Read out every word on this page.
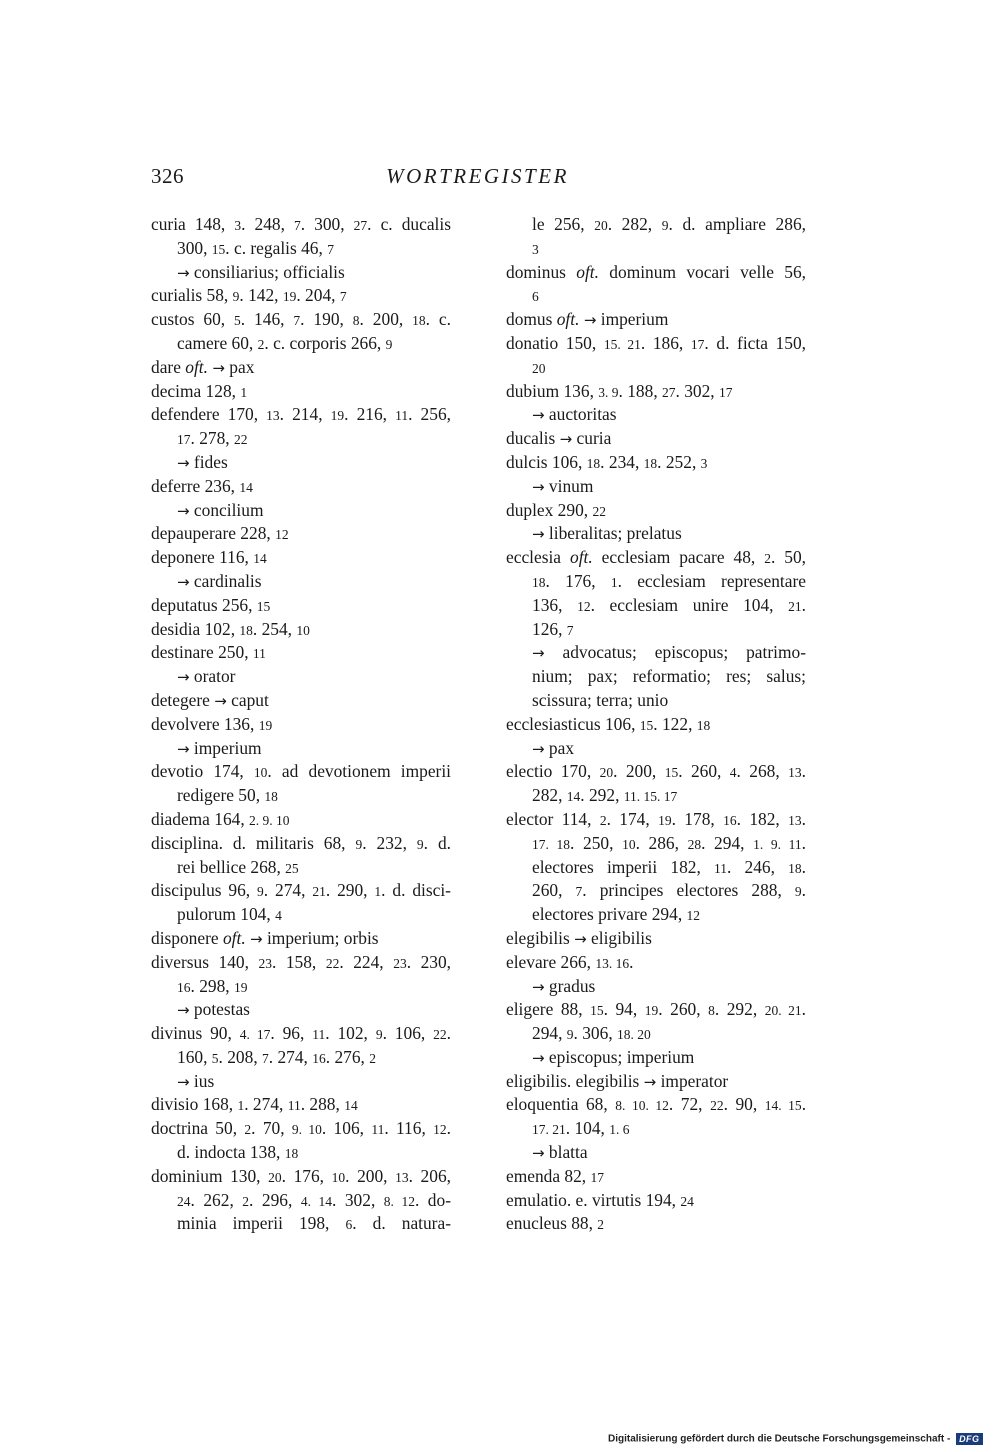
326	WORTREGISTER
curia 148, 3. 248, 7. 300, 27. c. ducalis
300, 15. c. regalis 46, 7
→ consiliarius; officialis
curialis 58, 9. 142, 19. 204, 7
custos 60, 5. 146, 7. 190, 8. 200, 18. c.
camere 60, 2. c. corporis 266, 9
dare oft. → pax
decima 128, 1
defendere 170, 13. 214, 19. 216, 11. 256,
17. 278, 22
→ fides
deferre 236, 14
→ concilium
depauperare 228, 12
deponere 116, 14
→ cardinalis
deputatus 256, 15
desidia 102, 18. 254, 10
destinare 250, 11
→ orator
detegere → caput
devolvere 136, 19
→ imperium
devotio 174, 10. ad devotionem imperii
redigere 50, 18
diadema 164, 2. 9. 10
disciplina. d. militaris 68, 9. 232, 9. d.
rei bellice 268, 25
discipulus 96, 9. 274, 21. 290, 1. d. disci-
pulorum 104, 4
disponere oft. → imperium; orbis
diversus 140, 23. 158, 22. 224, 23. 230,
16. 298, 19
→ potestas
divinus 90, 4. 17. 96, 11. 102, 9. 106, 22.
160, 5. 208, 7. 274, 16. 276, 2
→ ius
divisio 168, 1. 274, 11. 288, 14
doctrina 50, 2. 70, 9. 10. 106, 11. 116, 12.
d. indocta 138, 18
dominium 130, 20. 176, 10. 200, 13. 206,
24. 262, 2. 296, 4. 14. 302, 8. 12. do-
minia imperii 198, 6. d. natura-
le 256, 20. 282, 9. d. ampliare 286,
3
dominus oft. dominum vocari velle 56,
6
domus oft. → imperium
donatio 150, 15. 21. 186, 17. d. ficta 150,
20
dubium 136, 3. 9. 188, 27. 302, 17
→ auctoritas
ducalis → curia
dulcis 106, 18. 234, 18. 252, 3
→ vinum
duplex 290, 22
→ liberalitas; prelatus
ecclesia oft. ecclesiam pacare 48, 2. 50,
18. 176, 1. ecclesiam representare
136, 12. ecclesiam unire 104, 21.
126, 7
→ advocatus; episcopus; patrimo-
nium; pax; reformatio; res; salus;
scissura; terra; unio
ecclesiasticus 106, 15. 122, 18
→ pax
electio 170, 20. 200, 15. 260, 4. 268, 13.
282, 14. 292, 11. 15. 17
elector 114, 2. 174, 19. 178, 16. 182, 13.
17. 18. 250, 10. 286, 28. 294, 1. 9. 11.
electores imperii 182, 11. 246, 18.
260, 7. principes electores 288, 9.
electores privare 294, 12
elegibilis → eligibilis
elevare 266, 13. 16.
→ gradus
eligere 88, 15. 94, 19. 260, 8. 292, 20. 21.
294, 9. 306, 18. 20
→ episcopus; imperium
eligibilis. elegibilis → imperator
eloquentia 68, 8. 10. 12. 72, 22. 90, 14. 15.
17. 21. 104, 1. 6
→ blatta
emenda 82, 17
emulatio. e. virtutis 194, 24
enucleus 88, 2
Digitalisierung gefördert durch die Deutsche Forschungsgemeinschaft - DFG
